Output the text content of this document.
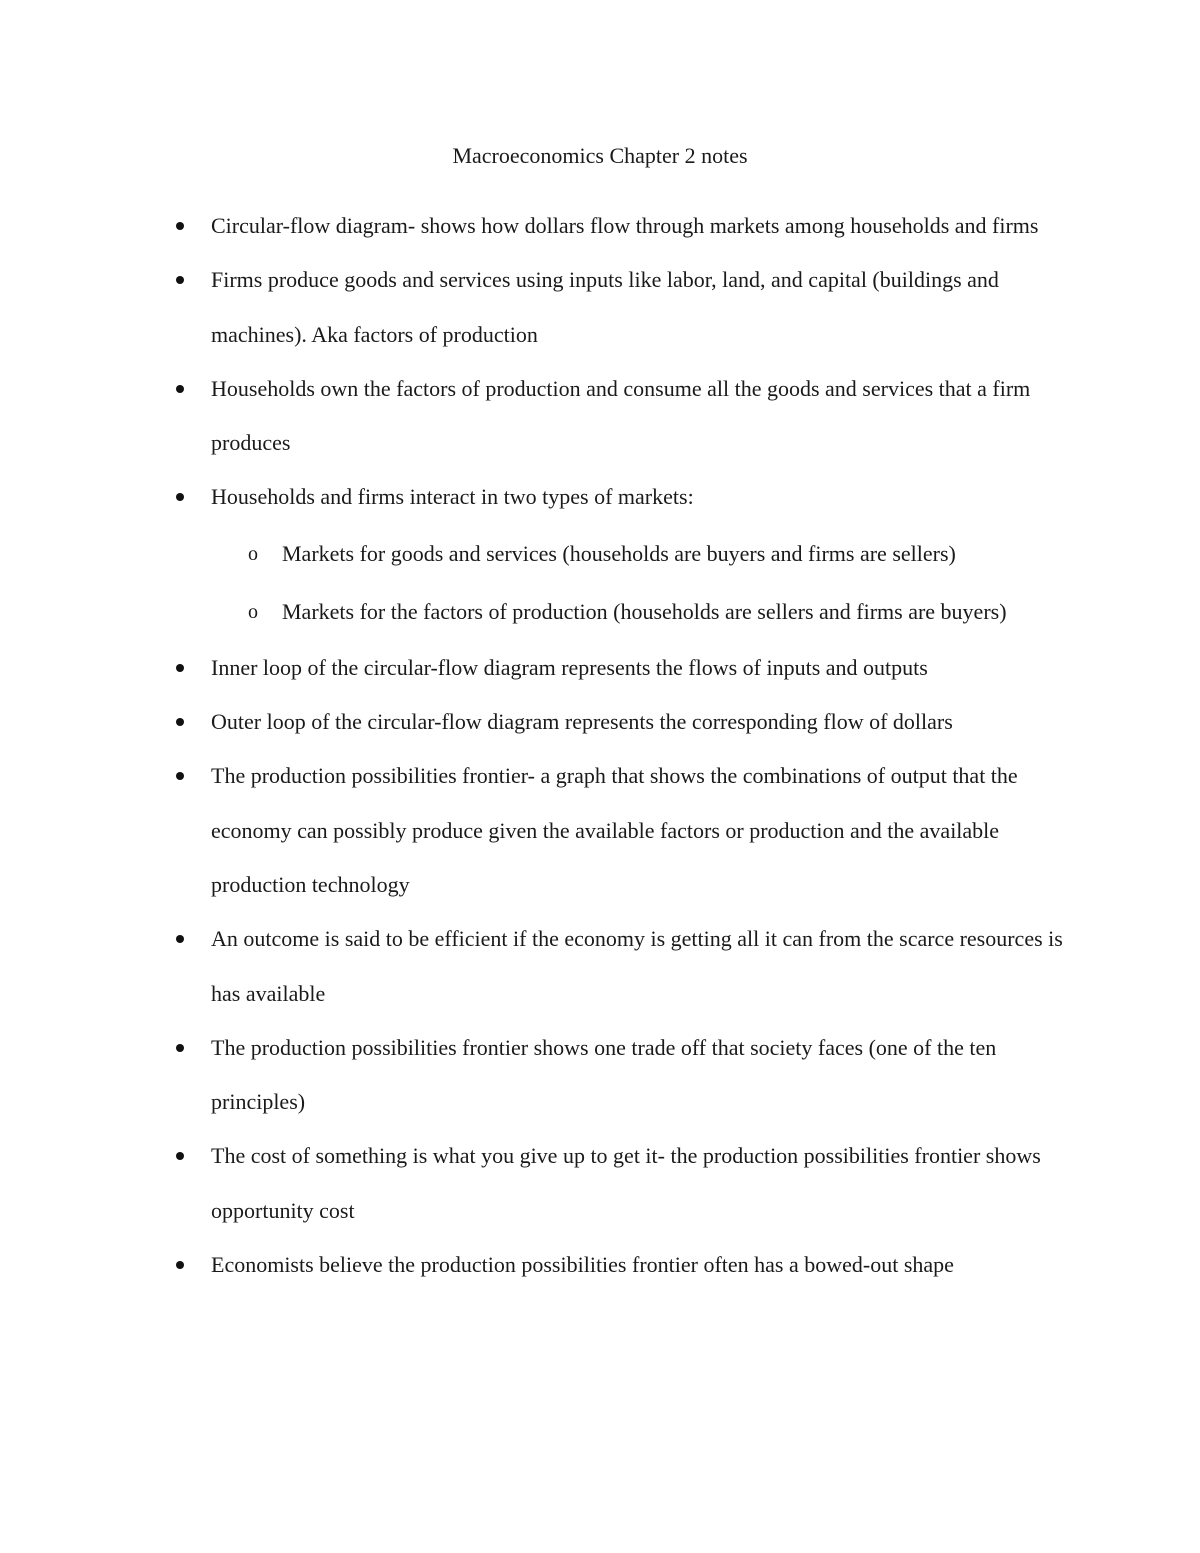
Macroeconomics Chapter 2 notes
Circular-flow diagram- shows how dollars flow through markets among households and firms
Firms produce goods and services using inputs like labor, land, and capital (buildings and machines). Aka factors of production
Households own the factors of production and consume all the goods and services that a firm produces
Households and firms interact in two types of markets:
o Markets for goods and services (households are buyers and firms are sellers)
o Markets for the factors of production (households are sellers and firms are buyers)
Inner loop of the circular-flow diagram represents the flows of inputs and outputs
Outer loop of the circular-flow diagram represents the corresponding flow of dollars
The production possibilities frontier- a graph that shows the combinations of output that the economy can possibly produce given the available factors or production and the available production technology
An outcome is said to be efficient if the economy is getting all it can from the scarce resources is has available
The production possibilities frontier shows one trade off that society faces (one of the ten principles)
The cost of something is what you give up to get it- the production possibilities frontier shows opportunity cost
Economists believe the production possibilities frontier often has a bowed-out shape
